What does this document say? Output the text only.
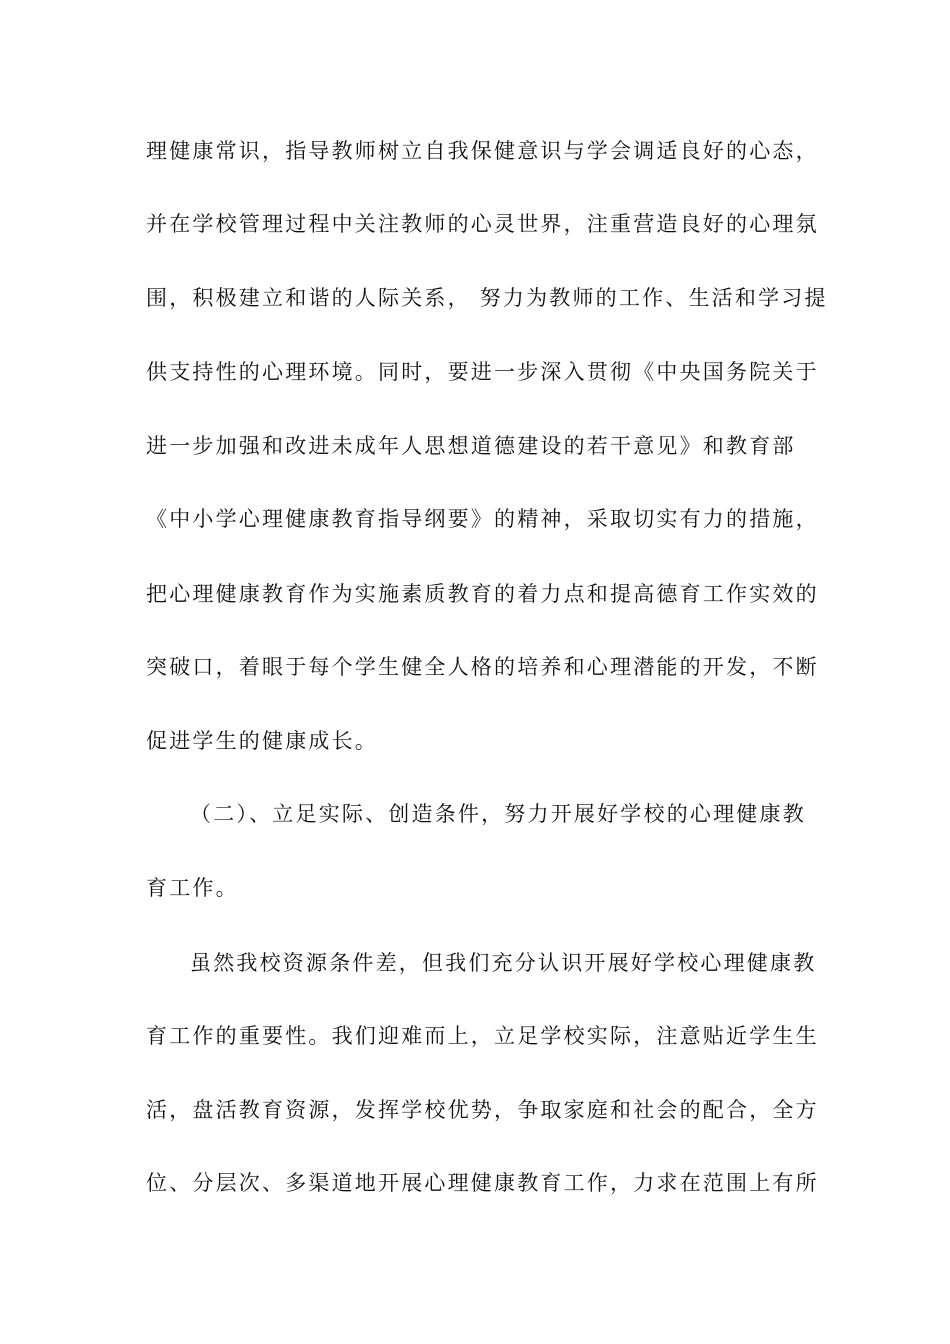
理健康常识，指导教师树立自我保健意识与学会调适良好的心态，
并在学校管理过程中关注教师的心灵世界，注重营造良好的心理氛
围，积极建立和谐的人际关系， 努力为教师的工作、生活和学习提
供支持性的心理环境。同时，要进一步深入贯彻《中央国务院关于
进一步加强和改进未成年人思想道德建设的若干意见》和教育部
《中小学心理健康教育指导纲要》的精神，采取切实有力的措施，
把心理健康教育作为实施素质教育的着力点和提高德育工作实效的
突破口，着眼于每个学生健全人格的培养和心理潜能的开发，不断
促进学生的健康成长。
（二）、立足实际、创造条件，努力开展好学校的心理健康教
育工作。
虽然我校资源条件差，但我们充分认识开展好学校心理健康教
育工作的重要性。我们迎难而上，立足学校实际，注意贴近学生生
活，盘活教育资源，发挥学校优势，争取家庭和社会的配合，全方
位、分层次、多渠道地开展心理健康教育工作，力求在范围上有所
